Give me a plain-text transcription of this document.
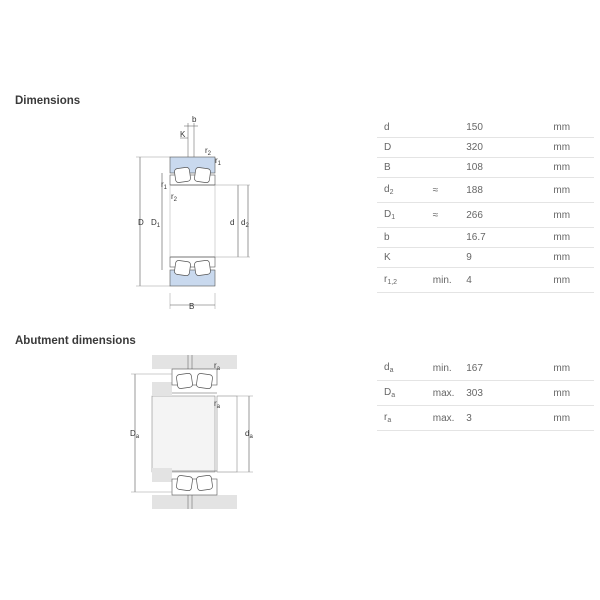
Dimensions
b
K
$r_2$
$r_1$
$r_1$
$r_2$
D $D_1$	d $d_2$
B
d		150	mm
D		320	mm
B		108	mm
$d_2$	≈	188	mm
$D_1$	≈	266	mm
b		16.7	mm
K		9	mm
$r_{1,2}$	min.	4	mm
Abutment dimensions
$r_a$
$r_a$
$D_a$	$d_a$
$d_a$	min.	167	mm
$D_a$	max.	303	mm
$r_a$	max.	3	mm
